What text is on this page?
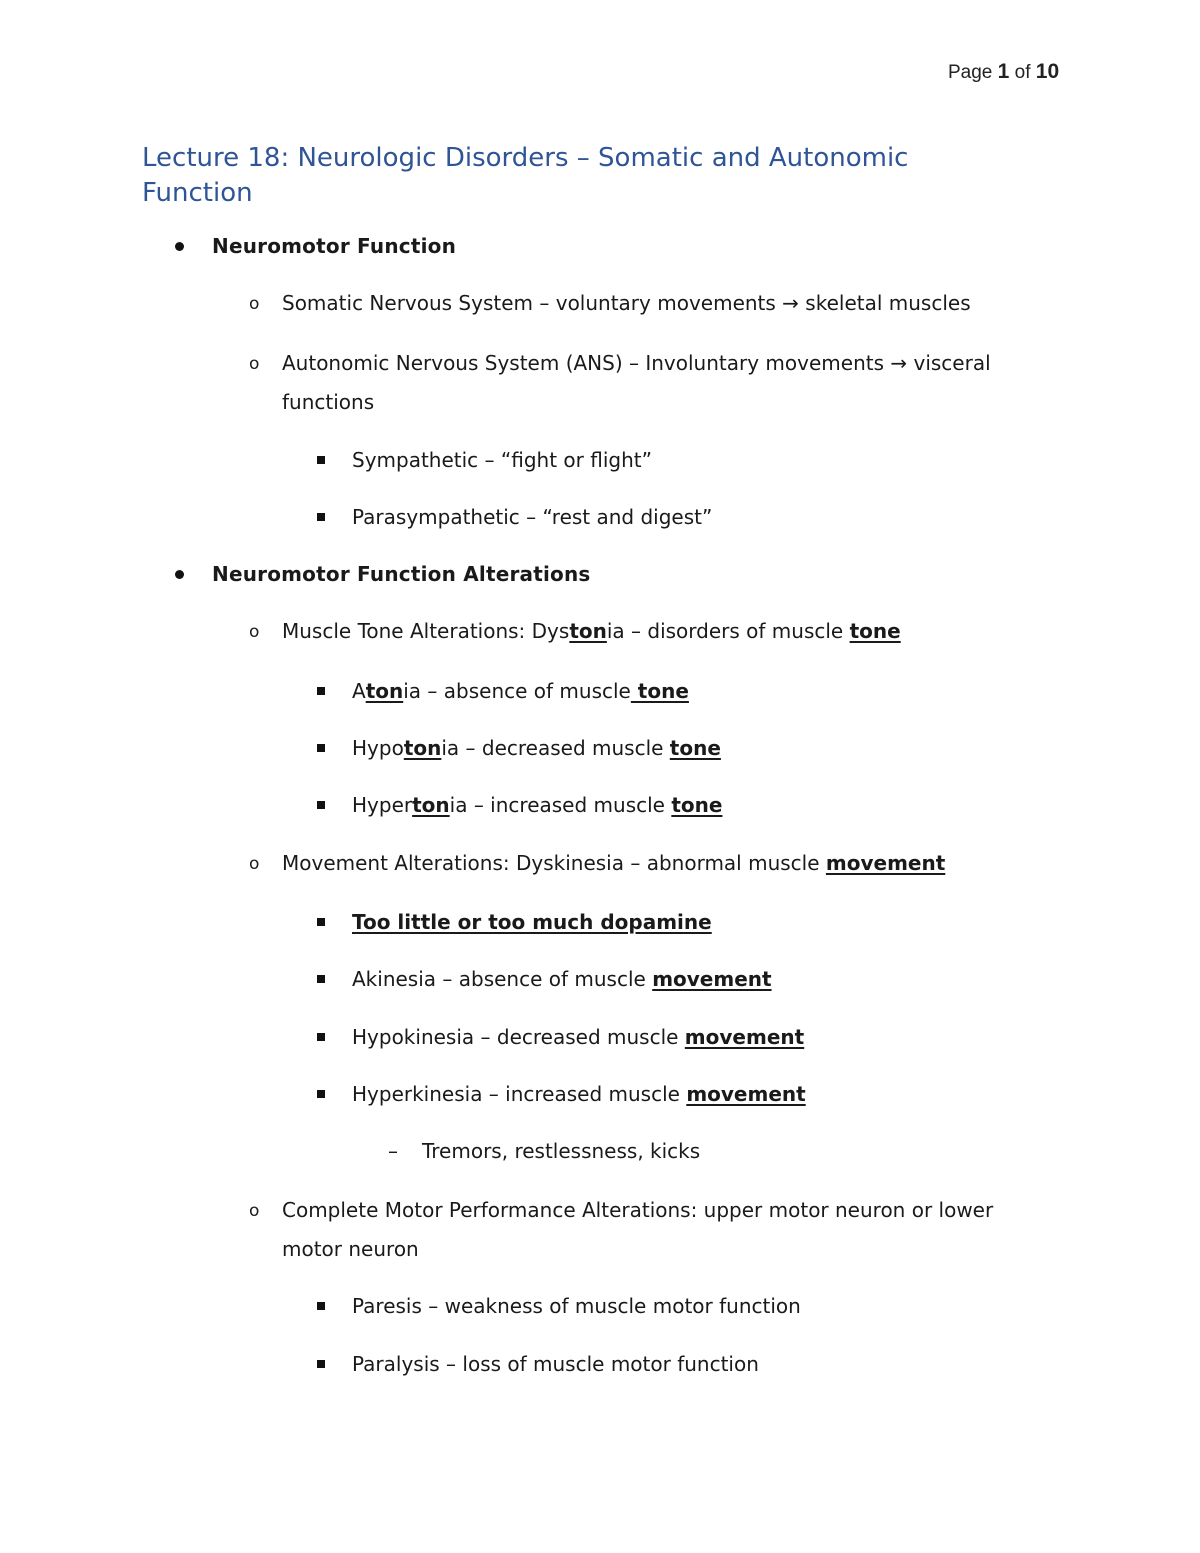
Page 1 of 10
Lecture 18: Neurologic Disorders – Somatic and Autonomic Function
Neuromotor Function
o Somatic Nervous System – voluntary movements → skeletal muscles
o Autonomic Nervous System (ANS) – Involuntary movements → visceral
functions
Sympathetic – “fight or flight”
Parasympathetic – “rest and digest”
Neuromotor Function Alterations
o Muscle Tone Alterations: Dystonia – disorders of muscle tone
Atonia – absence of muscle tone
Hypotonia – decreased muscle tone
Hypertonia – increased muscle tone
o Movement Alterations: Dyskinesia – abnormal muscle movement
Too little or too much dopamine
Akinesia – absence of muscle movement
Hypokinesia – decreased muscle movement
Hyperkinesia – increased muscle movement
– Tremors, restlessness, kicks
o Complete Motor Performance Alterations: upper motor neuron or lower
motor neuron
Paresis – weakness of muscle motor function
Paralysis – loss of muscle motor function
